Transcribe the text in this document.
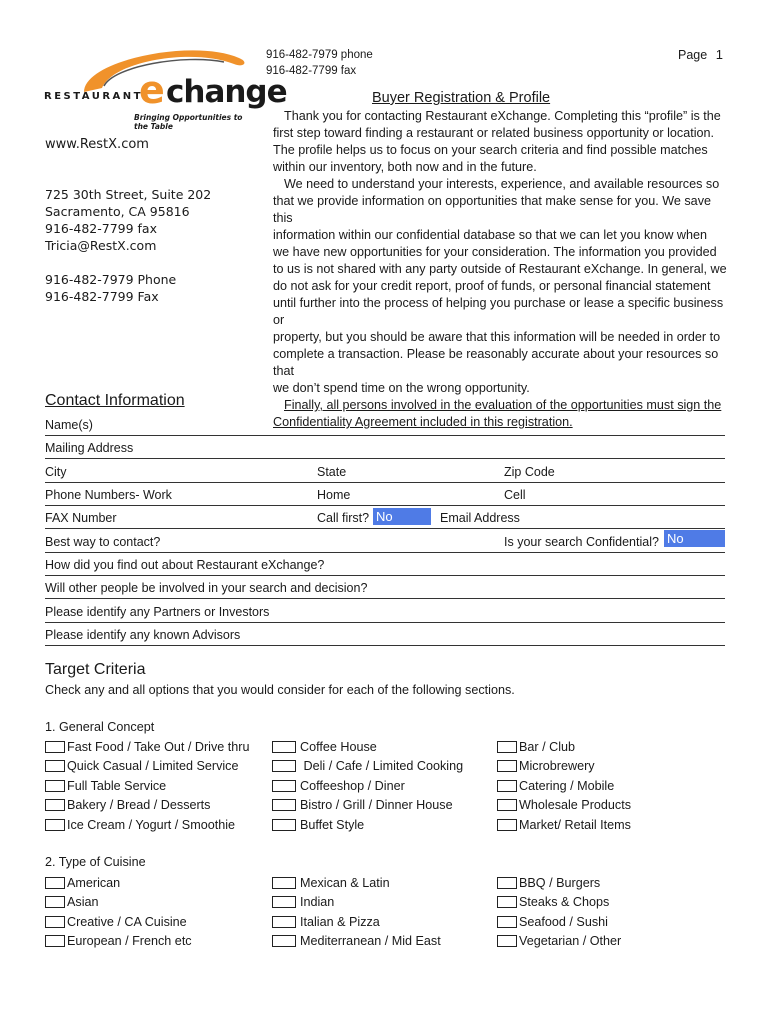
RESTAURANT
e change
Bringing Opportunities to the Table
916-482-7979 phone
916-482-7799 fax
Page 1
www.RestX.com
725 30th Street, Suite 202
Sacramento, CA 95816
916-482-7799 fax
Tricia@RestX.com
916-482-7979 Phone
916-482-7799 Fax
Buyer Registration & Profile

Thank you for contacting Restaurant eXchange. Completing this “profile” is the

first step toward finding a restaurant or related business opportunity or location.

The profile helps us to focus on your search criteria and find possible matches

within our inventory, both now and in the future.

We need to understand your interests, experience, and available resources so

that we provide information on opportunities that make sense for you. We save this

information within our confidential database so that we can let you know when

we have new opportunities for your consideration. The information you provided

to us is not shared with any party outside of Restaurant eXchange. In general, we

do not ask for your credit report, proof of funds, or personal financial statement

until further into the process of helping you purchase or lease a specific business or

property, but you should be aware that this information will be needed in order to

complete a transaction. Please be reasonably accurate about your resources so that

we don’t spend time on the wrong opportunity.

Finally, all persons involved in the evaluation of the opportunities must sign the

Confidentiality Agreement included in this registration.

Contact Information
Name(s)
Mailing Address
City	State	Zip Code
Phone Numbers- Work	Home	Cell
FAX Number	Call first?	Email Address
No
Best way to contact?	Is your search Confidential? No
How did you find out about Restaurant eXchange?
Will other people be involved in your search and decision?
Please identify any Partners or Investors
Please identify any known Advisors
Target Criteria
Check any and all options that you would consider for each of the following sections.
1. General Concept
Fast Food / Take Out / Drive thru
Quick Casual / Limited Service
Full Table Service
Bakery / Bread / Desserts
Ice Cream / Yogurt / Smoothie
Coffee House
Deli / Cafe / Limited Cooking
Coffeeshop / Diner
Bistro / Grill / Dinner House
Buffet Style
Bar / Club
Microbrewery
Catering / Mobile
Wholesale Products
Market/ Retail Items
2. Type of Cuisine
American
Asian
Creative / CA Cuisine
European / French etc
Mexican & Latin
Indian
Italian & Pizza
Mediterranean / Mid East
BBQ / Burgers
Steaks & Chops
Seafood / Sushi
Vegetarian / Other
